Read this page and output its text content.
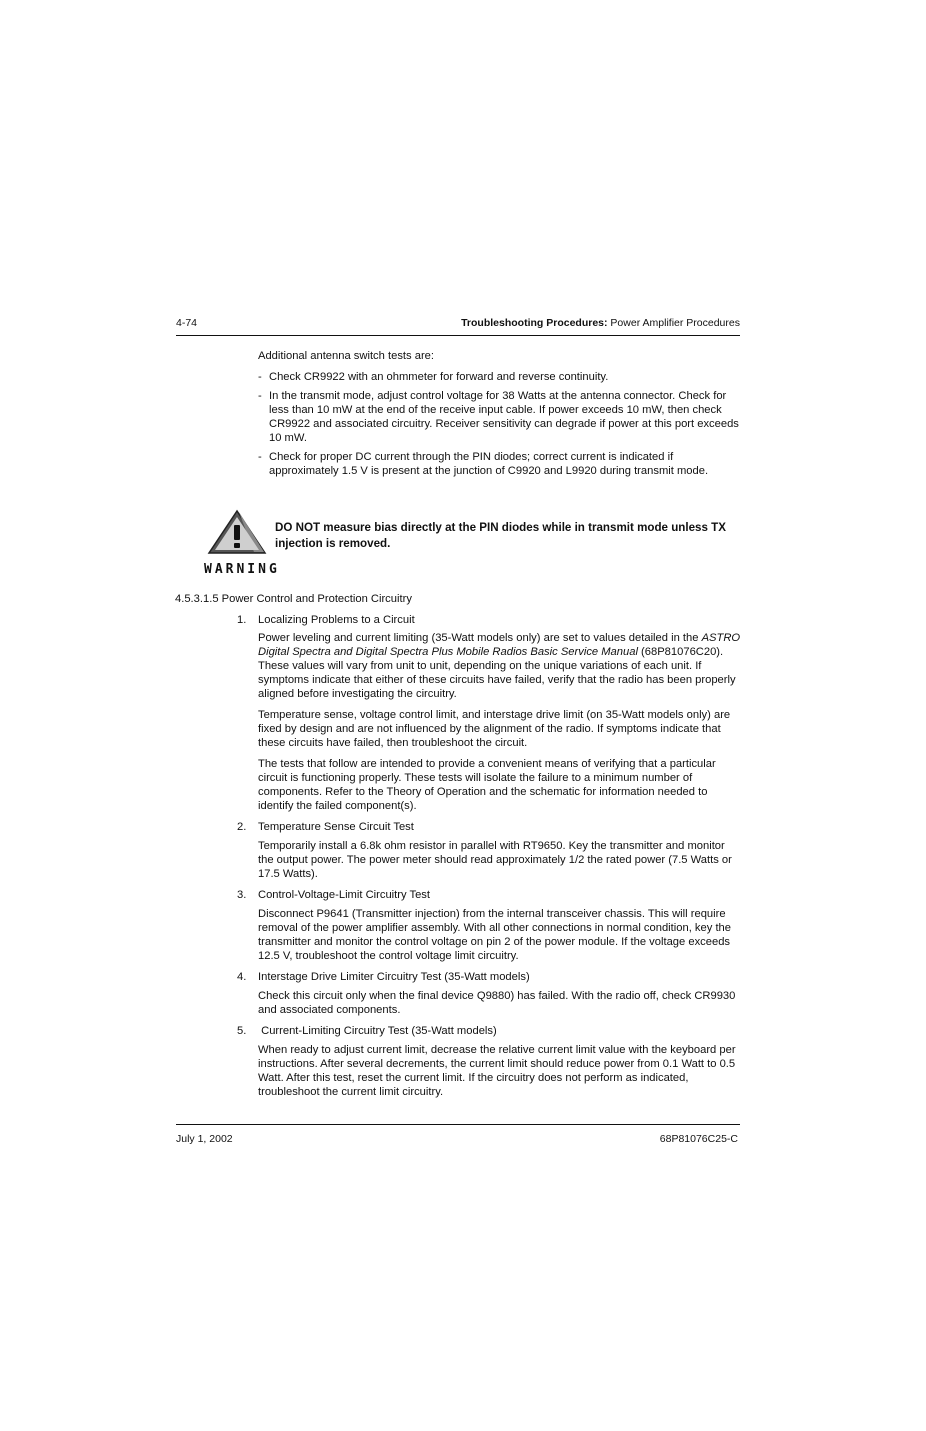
4-74	Troubleshooting Procedures: Power Amplifier Procedures
Additional antenna switch tests are:
- Check CR9922 with an ohmmeter for forward and reverse continuity.
- In the transmit mode, adjust control voltage for 38 Watts at the antenna connector. Check for less than 10 mW at the end of the receive input cable. If power exceeds 10 mW, then check CR9922 and associated circuitry. Receiver sensitivity can degrade if power at this port exceeds 10 mW.
- Check for proper DC current through the PIN diodes; correct current is indicated if approximately 1.5 V is present at the junction of C9920 and L9920 during transmit mode.
WARNING
DO NOT measure bias directly at the PIN diodes while in transmit mode unless TX injection is removed.
4.5.3.1.5 Power Control and Protection Circuitry
1. Localizing Problems to a Circuit
Power leveling and current limiting (35-Watt models only) are set to values detailed in the ASTRO Digital Spectra and Digital Spectra Plus Mobile Radios Basic Service Manual (68P81076C20). These values will vary from unit to unit, depending on the unique variations of each unit. If symptoms indicate that either of these circuits have failed, verify that the radio has been properly aligned before investigating the circuitry.
Temperature sense, voltage control limit, and interstage drive limit (on 35-Watt models only) are fixed by design and are not influenced by the alignment of the radio. If symptoms indicate that these circuits have failed, then troubleshoot the circuit.
The tests that follow are intended to provide a convenient means of verifying that a particular circuit is functioning properly. These tests will isolate the failure to a minimum number of components. Refer to the Theory of Operation and the schematic for information needed to identify the failed component(s).
2. Temperature Sense Circuit Test
Temporarily install a 6.8k ohm resistor in parallel with RT9650. Key the transmitter and monitor the output power. The power meter should read approximately 1/2 the rated power (7.5 Watts or 17.5 Watts).
3. Control-Voltage-Limit Circuitry Test
Disconnect P9641 (Transmitter injection) from the internal transceiver chassis. This will require removal of the power amplifier assembly. With all other connections in normal condition, key the transmitter and monitor the control voltage on pin 2 of the power module. If the voltage exceeds 12.5 V, troubleshoot the control voltage limit circuitry.
4. Interstage Drive Limiter Circuitry Test (35-Watt models)
Check this circuit only when the final device Q9880) has failed. With the radio off, check CR9930 and associated components.
5. Current-Limiting Circuitry Test (35-Watt models)
When ready to adjust current limit, decrease the relative current limit value with the keyboard per instructions. After several decrements, the current limit should reduce power from 0.1 Watt to 0.5 Watt. After this test, reset the current limit. If the circuitry does not perform as indicated, troubleshoot the current limit circuitry.
July 1, 2002	68P81076C25-C
